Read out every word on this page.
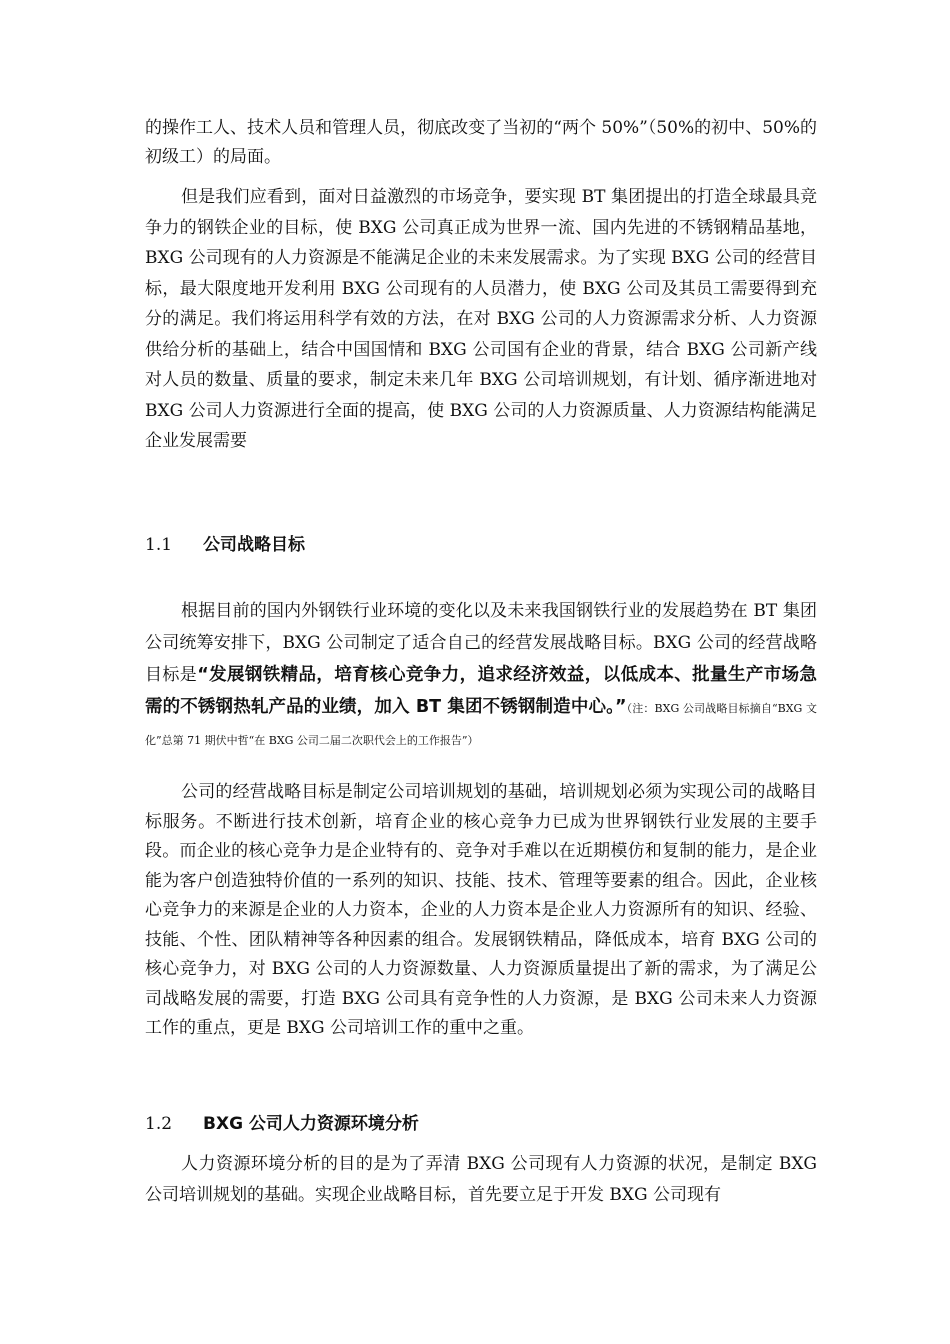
的操作工人、技术人员和管理人员，彻底改变了当初的“两个 50%”（50%的初中、50%的初级工）的局面。

但是我们应看到，面对日益激烈的市场竞争，要实现 BT 集团提出的打造全球最具竞争力的钢铁企业的目标，使 BXG 公司真正成为世界一流、国内先进的不锈钢精品基地，BXG 公司现有的人力资源是不能满足企业的未来发展需求。为了实现 BXG 公司的经营目标，最大限度地开发利用 BXG 公司现有的人员潜力，使 BXG 公司及其员工需要得到充分的满足。我们将运用科学有效的方法，在对 BXG 公司的人力资源需求分析、人力资源供给分析的基础上，结合中国国情和 BXG 公司国有企业的背景，结合 BXG 公司新产线对人员的数量、质量的要求，制定未来几年 BXG 公司培训规划，有计划、循序渐进地对 BXG 公司人力资源进行全面的提高，使 BXG 公司的人力资源质量、人力资源结构能满足企业发展需要

1.1 公司战略目标

根据目前的国内外钢铁行业环境的变化以及未来我国钢铁行业的发展趋势在 BT 集团公司统筹安排下，BXG 公司制定了适合自己的经营发展战略目标。BXG 公司的经营战略目标是“发展钢铁精品，培育核心竞争力，追求经济效益，以低成本、批量生产市场急需的不锈钢热轧产品的业绩，加入 BT 集团不锈钢制造中心。”（注：BXG 公司战略目标摘自“BXG 文化”总第 71 期伏中哲“在 BXG 公司二届二次职代会上的工作报告”）

公司的经营战略目标是制定公司培训规划的基础，培训规划必须为实现公司的战略目标服务。不断进行技术创新，培育企业的核心竞争力已成为世界钢铁行业发展的主要手段。而企业的核心竞争力是企业特有的、竞争对手难以在近期模仿和复制的能力，是企业能为客户创造独特价值的一系列的知识、技能、技术、管理等要素的组合。因此，企业核心竞争力的来源是企业的人力资本，企业的人力资本是企业人力资源所有的知识、经验、技能、个性、团队精神等各种因素的组合。发展钢铁精品，降低成本，培育 BXG 公司的核心竞争力，对 BXG 公司的人力资源数量、人力资源质量提出了新的需求，为了满足公司战略发展的需要，打造 BXG 公司具有竞争性的人力资源，是 BXG 公司未来人力资源工作的重点，更是 BXG 公司培训工作的重中之重。

1.2 BXG 公司人力资源环境分析

人力资源环境分析的目的是为了弄清 BXG 公司现有人力资源的状况，是制定 BXG 公司培训规划的基础。实现企业战略目标，首先要立足于开发 BXG 公司现有
